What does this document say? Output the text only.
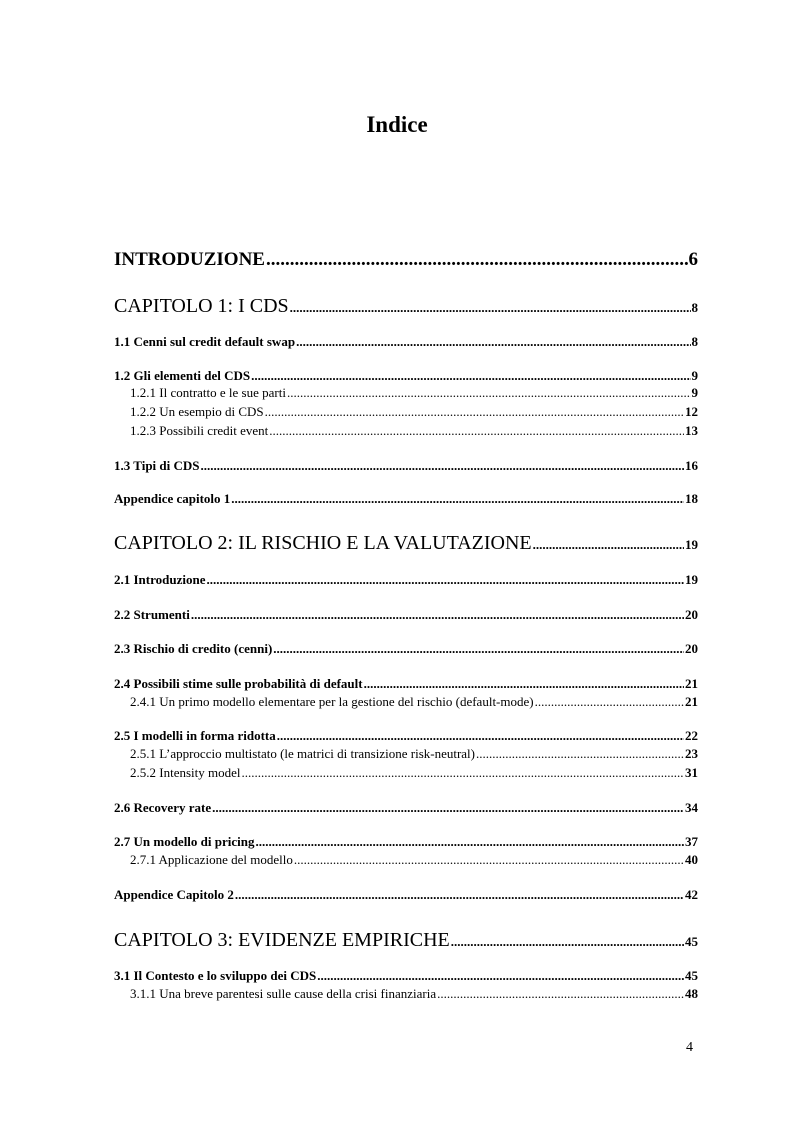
Indice
INTRODUZIONE .....	6
CAPITOLO 1: I CDS .....	8
1.1 Cenni sul credit default swap .....	8
1.2 Gli elementi del CDS .....	9
1.2.1 Il contratto e le sue parti .....	9
1.2.2 Un esempio di CDS .....	12
1.2.3 Possibili credit event .....	13
1.3 Tipi di CDS .....	16
Appendice capitolo 1 .....	18
CAPITOLO 2: IL RISCHIO E LA VALUTAZIONE .....	19
2.1 Introduzione .....	19
2.2 Strumenti .....	20
2.3 Rischio di credito (cenni) .....	20
2.4 Possibili stime sulle probabilità di default .....	21
2.4.1 Un primo modello elementare per la gestione del rischio (default-mode) .....	21
2.5 I modelli in forma ridotta .....	22
2.5.1 L’approccio multistato (le matrici di transizione risk-neutral) .....	23
2.5.2 Intensity model .....	31
2.6 Recovery rate .....	34
2.7 Un modello di pricing .....	37
2.7.1 Applicazione del modello .....	40
Appendice Capitolo 2 .....	42
CAPITOLO 3: EVIDENZE EMPIRICHE .....	45
3.1 Il Contesto e lo sviluppo dei CDS .....	45
3.1.1 Una breve parentesi sulle cause della crisi finanziaria .....	48
4
